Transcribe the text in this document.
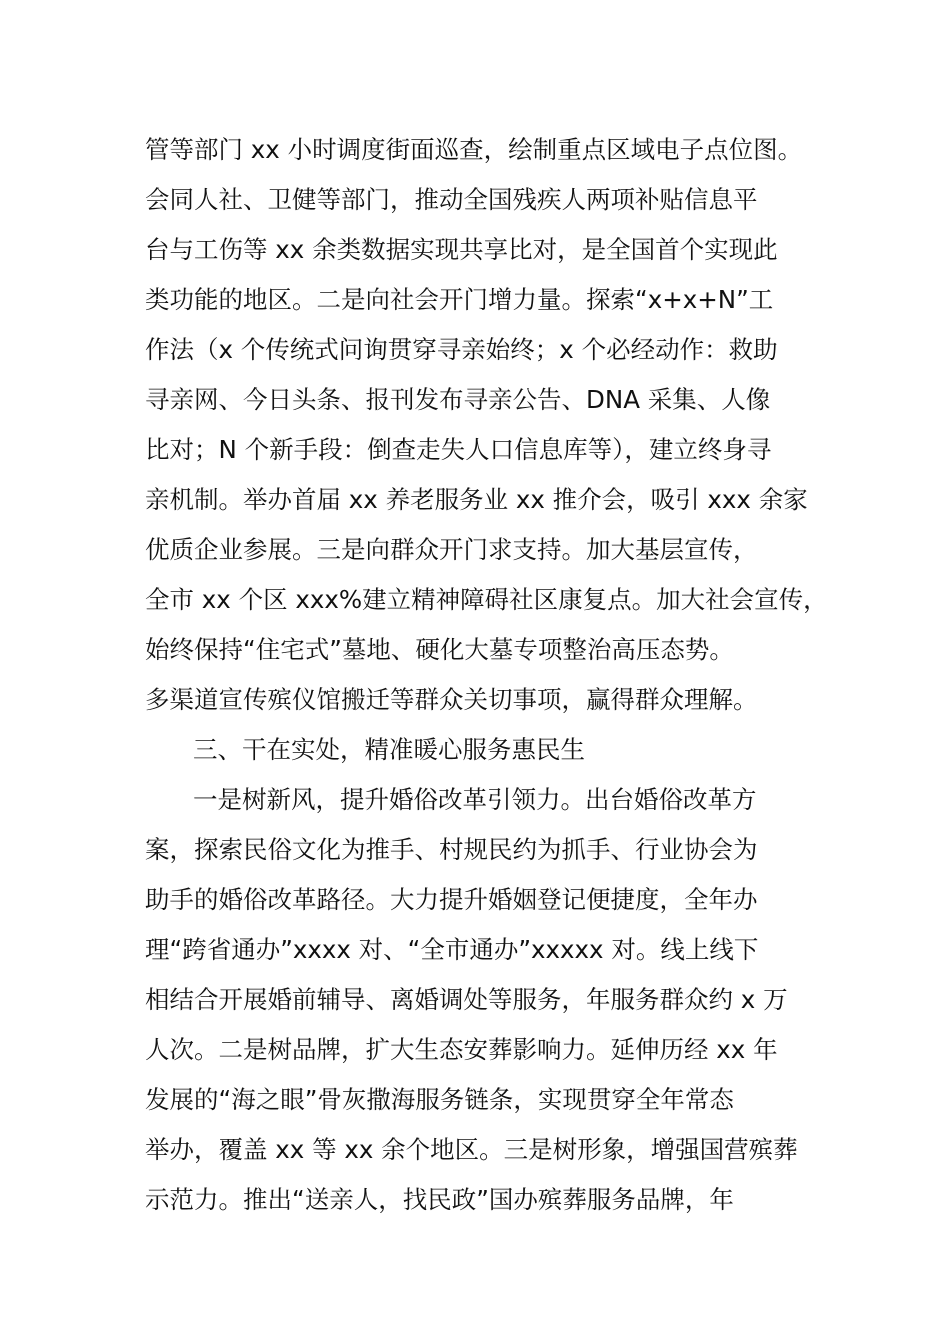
管等部门 xx 小时调度街面巡查，绘制重点区域电子点位图。
会同人社、卫健等部门，推动全国残疾人两项补贴信息平
台与工伤等 xx 余类数据实现共享比对，是全国首个实现此
类功能的地区。二是向社会开门增力量。探索“x+x+N”工
作法（x 个传统式问询贯穿寻亲始终；x 个必经动作：救助
寻亲网、今日头条、报刊发布寻亲公告、DNA 采集、人像
比对；N 个新手段：倒查走失人口信息库等），建立终身寻
亲机制。举办首届 xx 养老服务业 xx 推介会，吸引 xxx 余家
优质企业参展。三是向群众开门求支持。加大基层宣传，
全市 xx 个区 xxx%建立精神障碍社区康复点。加大社会宣传，
始终保持“住宅式”墓地、硬化大墓专项整治高压态势。
多渠道宣传殡仪馆搬迁等群众关切事项，赢得群众理解。
三、干在实处，精准暖心服务惠民生
一是树新风，提升婚俗改革引领力。出台婚俗改革方
案，探索民俗文化为推手、村规民约为抓手、行业协会为
助手的婚俗改革路径。大力提升婚姻登记便捷度，全年办
理“跨省通办”xxxx 对、“全市通办”xxxxx 对。线上线下
相结合开展婚前辅导、离婚调处等服务，年服务群众约 x 万
人次。二是树品牌，扩大生态安葬影响力。延伸历经 xx 年
发展的“海之眼”骨灰撒海服务链条，实现贯穿全年常态
举办，覆盖 xx 等 xx 余个地区。三是树形象，增强国营殡葬
示范力。推出“送亲人，找民政”国办殡葬服务品牌，年
